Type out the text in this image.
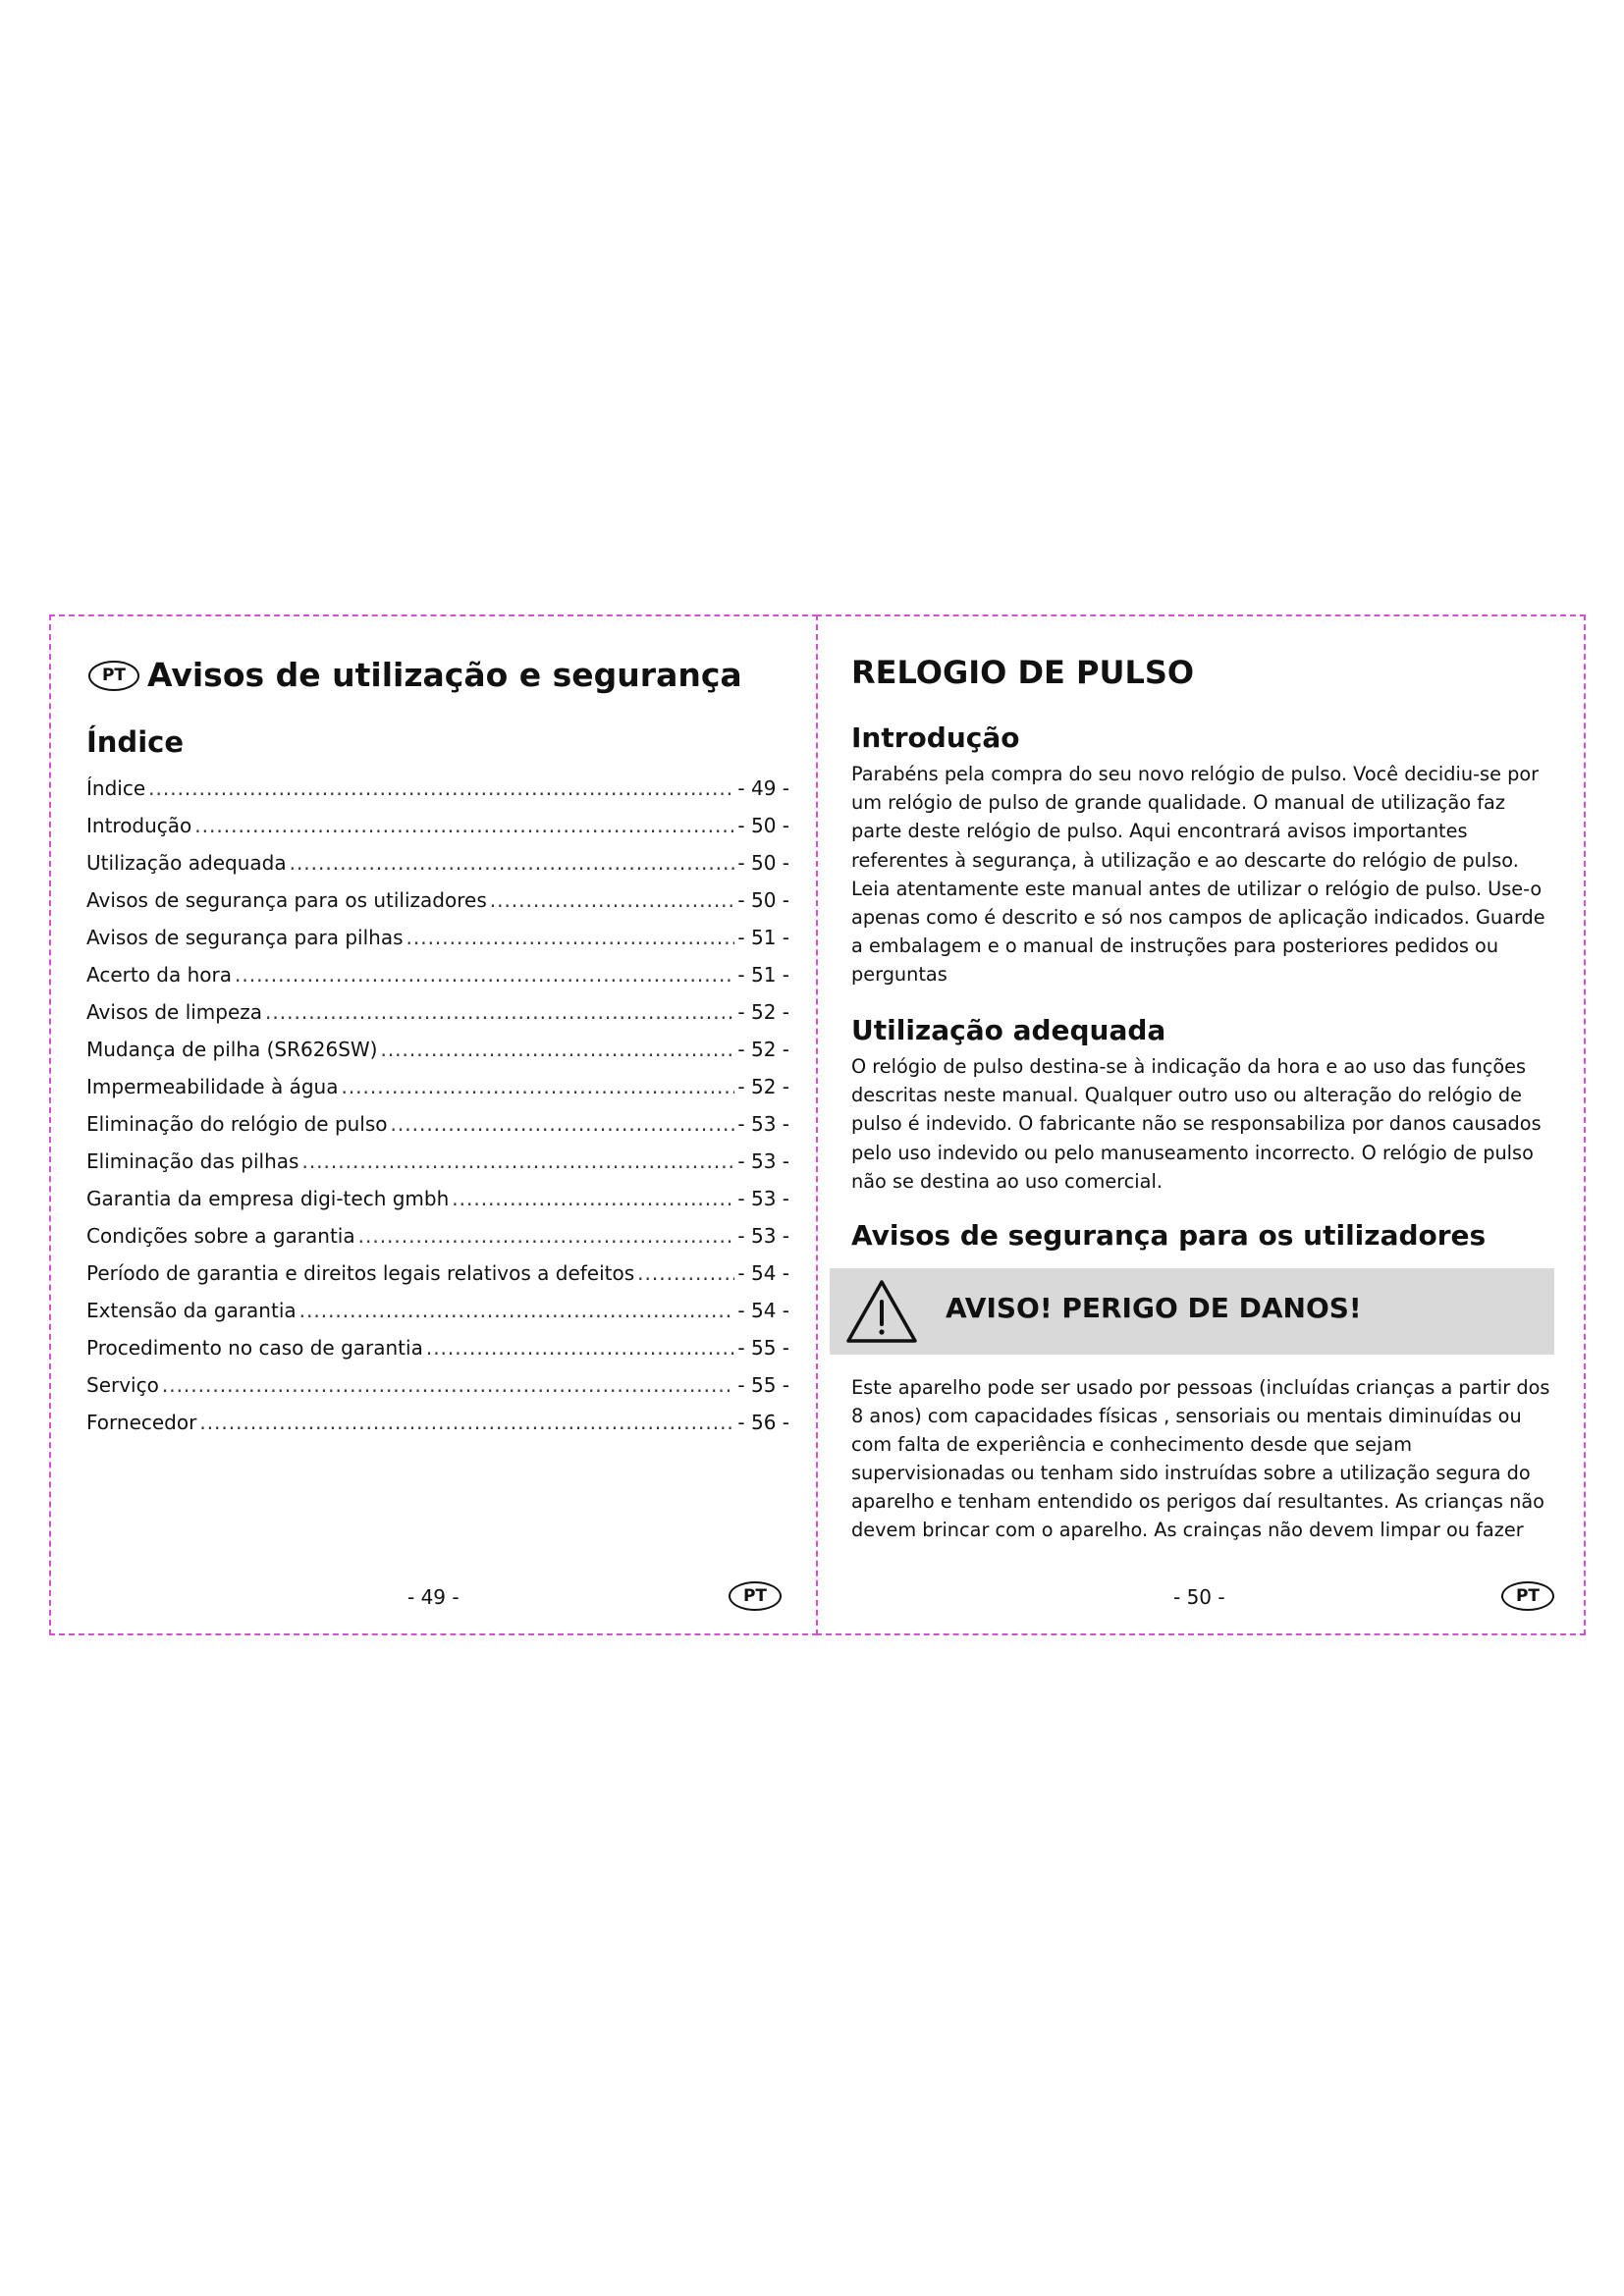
PT Avisos de utilização e segurança
Índice
Índice .....	- 49 -
Introdução .....	- 50 -
Utilização adequada .....	- 50 -
Avisos de segurança para os utilizadores .....	- 50 -
Avisos de segurança para pilhas .....	- 51 -
Acerto da hora .....	- 51 -
Avisos de limpeza .....	- 52 -
Mudança de pilha (SR626SW) .....	- 52 -
Impermeabilidade à água .....	- 52 -
Eliminação do relógio de pulso .....	- 53 -
Eliminação das pilhas .....	- 53 -
Garantia da empresa digi-tech gmbh .....	- 53 -
Condições sobre a garantia .....	- 53 -
Período de garantia e direitos legais relativos a defeitos .....	- 54 -
Extensão da garantia .....	- 54 -
Procedimento no caso de garantia .....	- 55 -
Serviço .....	- 55 -
Fornecedor .....	- 56 -
- 49 -	PT
RELOGIO DE PULSO
Introdução

Parabéns pela compra do seu novo relógio de pulso. Você decidiu-se por um relógio de pulso de grande qualidade. O manual de utilização faz parte deste relógio de pulso. Aqui encontrará avisos importantes referentes à segurança, à utilização e ao descarte do relógio de pulso. Leia atentamente este manual antes de utilizar o relógio de pulso. Use-o apenas como é descrito e só nos campos de aplicação indicados. Guarde a embalagem e o manual de instruções para posteriores pedidos ou perguntas

Utilização adequada

O relógio de pulso destina-se à indicação da hora e ao uso das funções descritas neste manual. Qualquer outro uso ou alteração do relógio de pulso é indevido. O fabricante não se responsabiliza por danos causados pelo uso indevido ou pelo manuseamento incorrecto. O relógio de pulso não se destina ao uso comercial.

Avisos de segurança para os utilizadores
AVISO! PERIGO DE DANOS!

Este aparelho pode ser usado por pessoas (incluídas crianças a partir dos 8 anos) com capacidades físicas , sensoriais ou mentais diminuídas ou com falta de experiência e conhecimento desde que sejam supervisionadas ou tenham sido instruídas sobre a utilização segura do aparelho e tenham entendido os perigos daí resultantes. As crianças não devem brincar com o aparelho. As crainças não devem limpar ou fazer

- 50 -	PT
